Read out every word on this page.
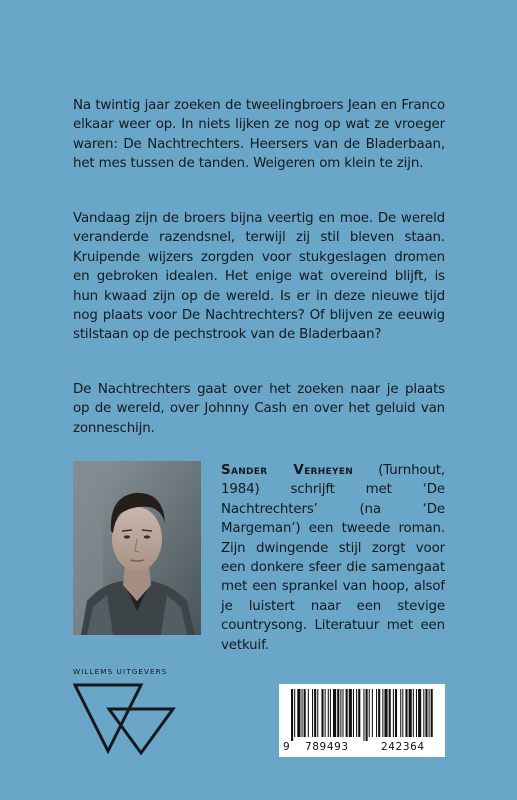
Na twintig jaar zoeken de tweelingbroers Jean en Franco elkaar weer op. In niets lijken ze nog op wat ze vroeger waren: De Nachtrechters. Heersers van de Bladerbaan, het mes tussen de tanden. Weigeren om klein te zijn.

Vandaag zijn de broers bijna veertig en moe. De wereld veranderde razendsnel, terwijl zij stil bleven staan. Kruipende wijzers zorgden voor stukgeslagen dromen en gebroken idealen. Het enige wat overeind blijft, is hun kwaad zijn op de wereld. Is er in deze nieuwe tijd nog plaats voor De Nachtrechters? Of blijven ze eeuwig stilstaan op de pechstrook van de Bladerbaan?

De Nachtrechters gaat over het zoeken naar je plaats op de wereld, over Johnny Cash en over het geluid van zonneschijn.

Sander Verheyen (Turnhout, 1984) schrijft met ‘De Nachtrechters’ (na ‘De Margeman’) een tweede roman. Zijn dwingende stijl zorgt voor een donkere sfeer die samengaat met een sprankel van hoop, alsof je luistert naar een stevige countrysong. Literatuur met een vetkuif.

WILLEMS UITGEVERS
9 789493	242364
